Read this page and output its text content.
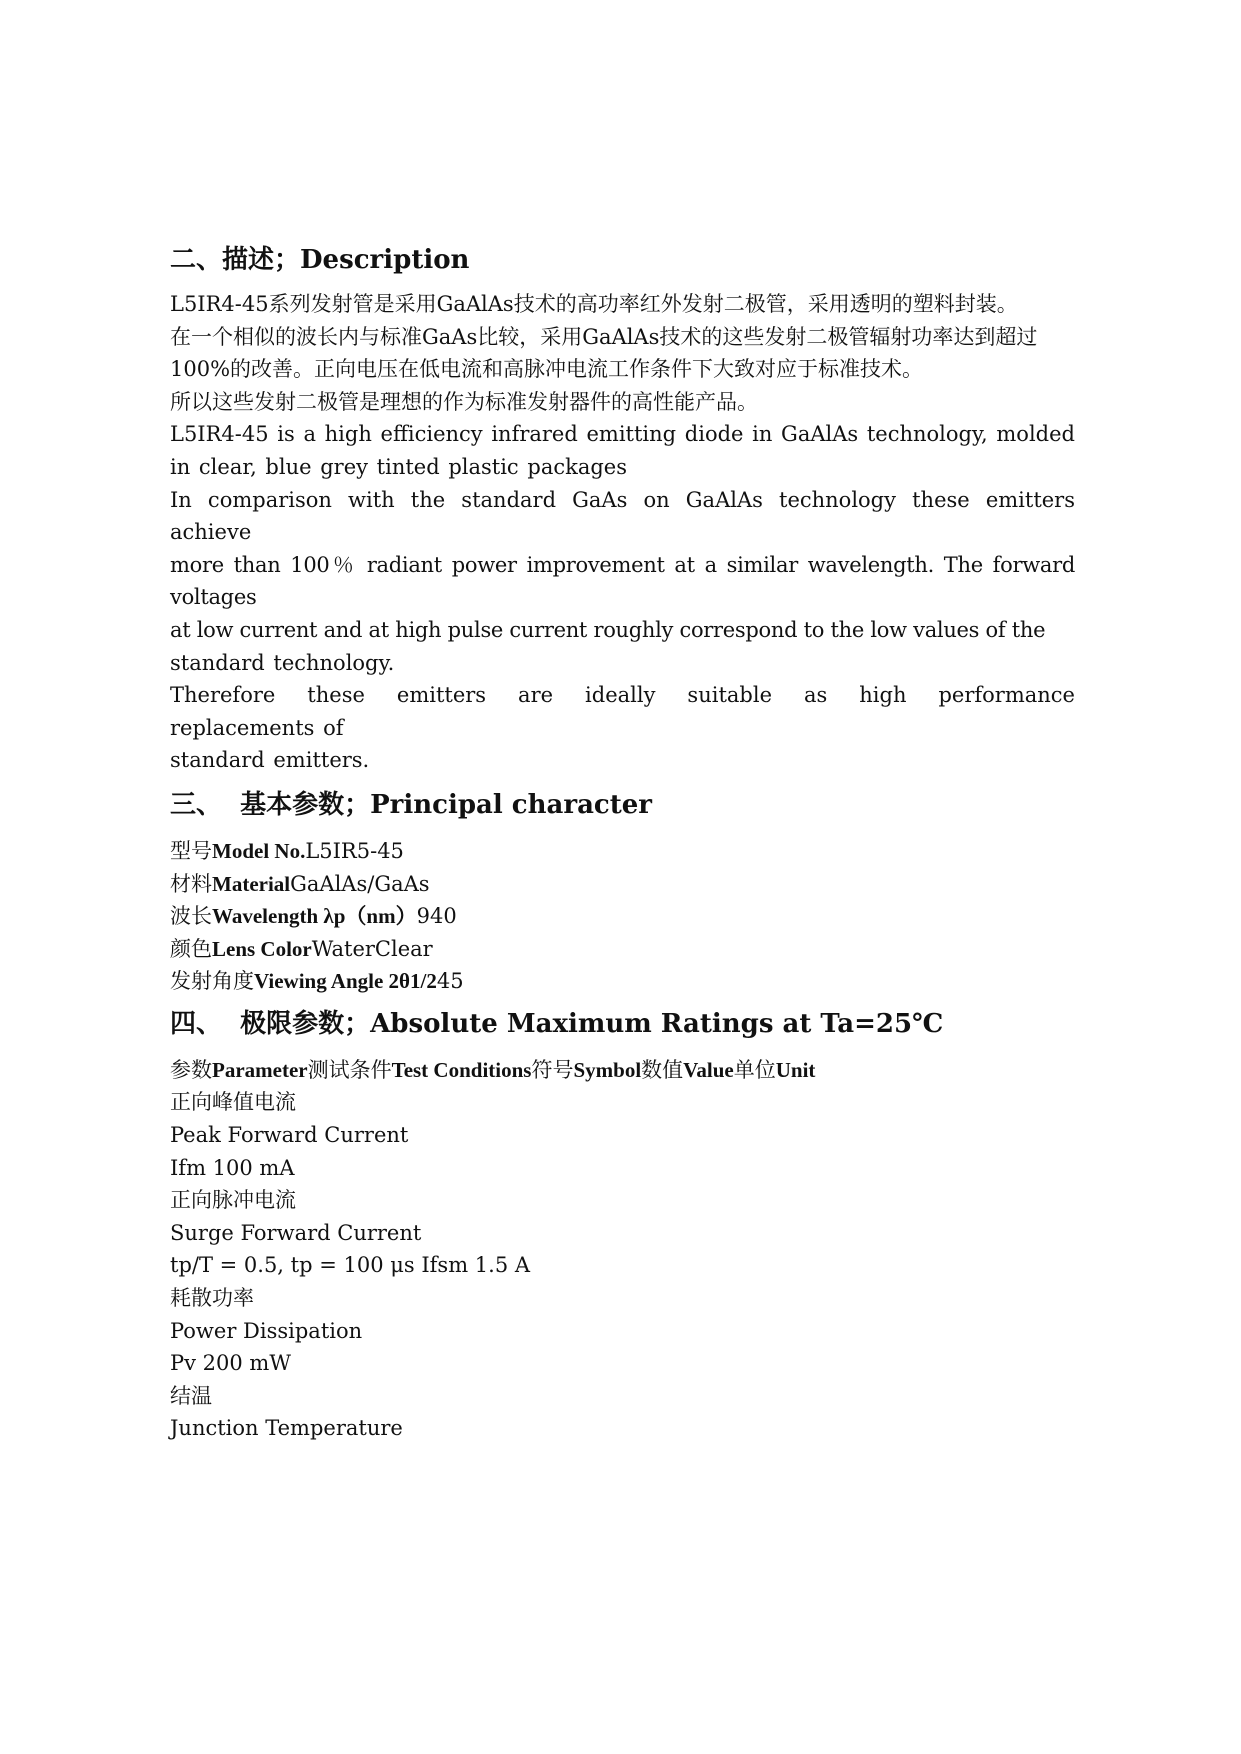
二、描述；Description

L5IR4-45系列发射管是采用GaAlAs技术的高功率红外发射二极管，采用透明的塑料封装。

在一个相似的波长内与标准GaAs比较，采用GaAlAs技术的这些发射二极管辐射功率达到超过

100%的改善。正向电压在低电流和高脉冲电流工作条件下大致对应于标准技术。

所以这些发射二极管是理想的作为标准发射器件的高性能产品。

L5IR4-45 is a high efficiency infrared emitting diode in GaAlAs technology, molded in clear, blue grey tinted plastic packages

In comparison with the standard GaAs on GaAlAs technology these emitters achieve

more than 100％ radiant power improvement at a similar wavelength. The forward voltages

at low current and at high pulse current roughly correspond to the low values of the

standard technology.

Therefore these emitters are ideally suitable as high performance

replacements of

standard emitters.

三、  基本参数；Principal character
型号Model No.L5IR5-45
材料MaterialGaAlAs/GaAs
波长Wavelength λp（nm）940
颜色Lens ColorWaterClear
发射角度Viewing Angle 2θ1/245
四、  极限参数；Absolute Maximum Ratings at Ta=25℃
参数Parameter测试条件Test Conditions符号Symbol数值Value单位Unit
正向峰值电流
Peak Forward Current
Ifm 100 mA
正向脉冲电流
Surge Forward Current
tp/T = 0.5, tp = 100 μs Ifsm 1.5 A
耗散功率
Power Dissipation
Pv 200 mW
结温
Junction Temperature
